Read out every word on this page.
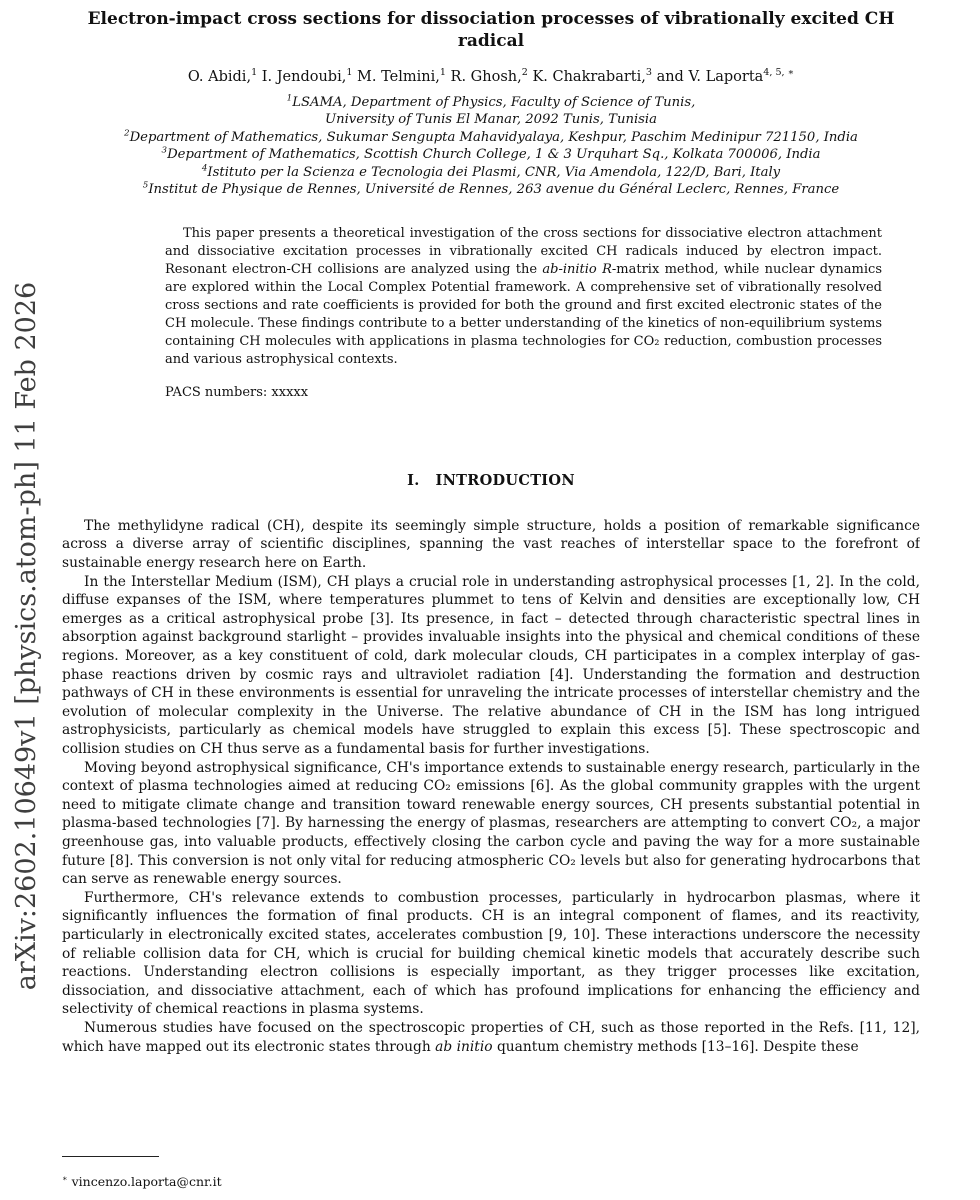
arXiv:2602.10649v1 [physics.atom-ph] 11 Feb 2026
Electron-impact cross sections for dissociation processes of vibrationally excited CH radical
O. Abidi,$^1$ I. Jendoubi,$^1$ M. Telmini,$^1$ R. Ghosh,$^2$ K. Chakrabarti,$^3$ and V. Laporta$^{4, 5, ∗}$
$^1$LSAMA, Department of Physics, Faculty of Science of Tunis,
University of Tunis El Manar, 2092 Tunis, Tunisia
$^2$Department of Mathematics, Sukumar Sengupta Mahavidyalaya, Keshpur, Paschim Medinipur 721150, India
$^3$Department of Mathematics, Scottish Church College, 1 & 3 Urquhart Sq., Kolkata 700006, India
$^4$Istituto per la Scienza e Tecnologia dei Plasmi, CNR, Via Amendola, 122/D, Bari, Italy
$^5$Institut de Physique de Rennes, Université de Rennes, 263 avenue du Général Leclerc, Rennes, France
This paper presents a theoretical investigation of the cross sections for dissociative electron attachment and dissociative excitation processes in vibrationally excited CH radicals induced by electron impact. Resonant electron-CH collisions are analyzed using the ab-initio R-matrix method, while nuclear dynamics are explored within the Local Complex Potential framework. A comprehensive set of vibrationally resolved cross sections and rate coefficients is provided for both the ground and first excited electronic states of the CH molecule. These findings contribute to a better understanding of the kinetics of non-equilibrium systems containing CH molecules with applications in plasma technologies for CO₂ reduction, combustion processes and various astrophysical contexts.
PACS numbers: xxxxx
I. INTRODUCTION

The methylidyne radical (CH), despite its seemingly simple structure, holds a position of remarkable significance across a diverse array of scientific disciplines, spanning the vast reaches of interstellar space to the forefront of sustainable energy research here on Earth.

In the Interstellar Medium (ISM), CH plays a crucial role in understanding astrophysical processes [1, 2]. In the cold, diffuse expanses of the ISM, where temperatures plummet to tens of Kelvin and densities are exceptionally low, CH emerges as a critical astrophysical probe [3]. Its presence, in fact – detected through characteristic spectral lines in absorption against background starlight – provides invaluable insights into the physical and chemical conditions of these regions. Moreover, as a key constituent of cold, dark molecular clouds, CH participates in a complex interplay of gas-phase reactions driven by cosmic rays and ultraviolet radiation [4]. Understanding the formation and destruction pathways of CH in these environments is essential for unraveling the intricate processes of interstellar chemistry and the evolution of molecular complexity in the Universe. The relative abundance of CH in the ISM has long intrigued astrophysicists, particularly as chemical models have struggled to explain this excess [5]. These spectroscopic and collision studies on CH thus serve as a fundamental basis for further investigations.

Moving beyond astrophysical significance, CH's importance extends to sustainable energy research, particularly in the context of plasma technologies aimed at reducing CO₂ emissions [6]. As the global community grapples with the urgent need to mitigate climate change and transition toward renewable energy sources, CH presents substantial potential in plasma-based technologies [7]. By harnessing the energy of plasmas, researchers are attempting to convert CO₂, a major greenhouse gas, into valuable products, effectively closing the carbon cycle and paving the way for a more sustainable future [8]. This conversion is not only vital for reducing atmospheric CO₂ levels but also for generating hydrocarbons that can serve as renewable energy sources.

Furthermore, CH's relevance extends to combustion processes, particularly in hydrocarbon plasmas, where it significantly influences the formation of final products. CH is an integral component of flames, and its reactivity, particularly in electronically excited states, accelerates combustion [9, 10]. These interactions underscore the necessity of reliable collision data for CH, which is crucial for building chemical kinetic models that accurately describe such reactions. Understanding electron collisions is especially important, as they trigger processes like excitation, dissociation, and dissociative attachment, each of which has profound implications for enhancing the efficiency and selectivity of chemical reactions in plasma systems.

Numerous studies have focused on the spectroscopic properties of CH, such as those reported in the Refs. [11, 12], which have mapped out its electronic states through ab initio quantum chemistry methods [13–16]. Despite these

∗ vincenzo.laporta@cnr.it
